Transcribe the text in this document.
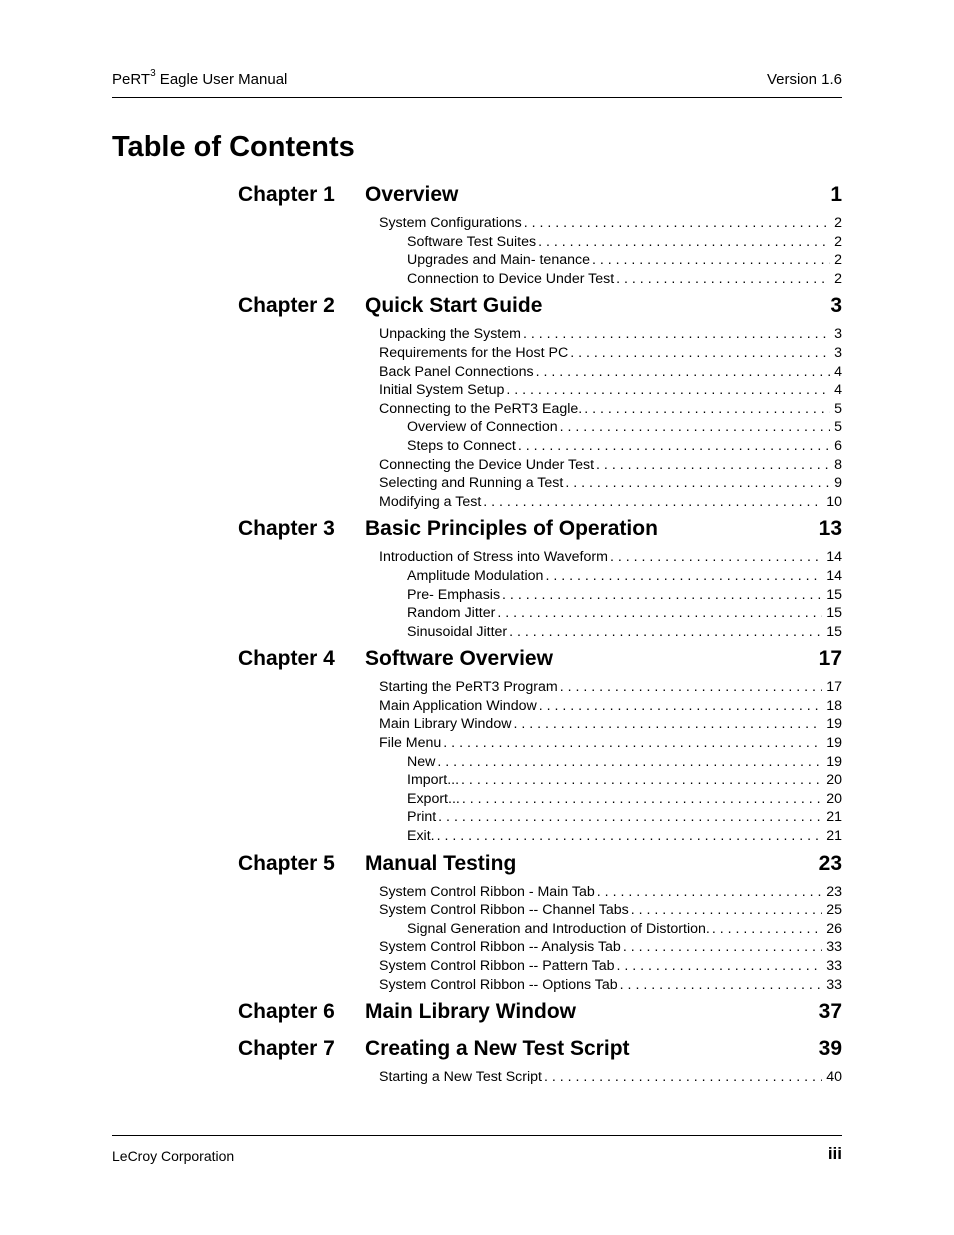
PeRT$^3$ Eagle User Manual	Version 1.6
Table of Contents
Chapter 1 Overview	1
System Configurations . . .	2
Software Test Suites . . .	2
Upgrades and Main- tenance . . .	2
Connection to Device Under Test . . .	2
Chapter 2 Quick Start Guide	3
Unpacking the System . . .	3
Requirements for the Host PC . . .	3
Back Panel Connections . . .	4
Initial System Setup . . .	4
Connecting to the PeRT3 Eagle. . . .	5
Overview of Connection . . .	5
Steps to Connect . . .	6
Connecting the Device Under Test . . .	8
Selecting and Running a Test . . .	9
Modifying a Test . . .	10
Chapter 3 Basic Principles of Operation	13
Introduction of Stress into Waveform . . .	14
Amplitude Modulation . . .	14
Pre- Emphasis . . .	15
Random Jitter . . .	15
Sinusoidal Jitter . . .	15
Chapter 4 Software Overview	17
Starting the PeRT3 Program . . .	17
Main Application Window . . .	18
Main Library Window . . .	19
File Menu . . .	19
New . . .	19
Import... . . .	20
Export... . . .	20
Print . . .	21
Exit. . . .	21
Chapter 5 Manual Testing	23
System Control Ribbon - Main Tab . . .	23
System Control Ribbon -- Channel Tabs . . .	25
Signal Generation and Introduction of Distortion. . . .	26
System Control Ribbon -- Analysis Tab . . .	33
System Control Ribbon -- Pattern Tab . . .	33
System Control Ribbon -- Options Tab . . .	33
Chapter 6 Main Library Window	37
Chapter 7 Creating a New Test Script	39
Starting a New Test Script . . .	40
LeCroy Corporation	iii
